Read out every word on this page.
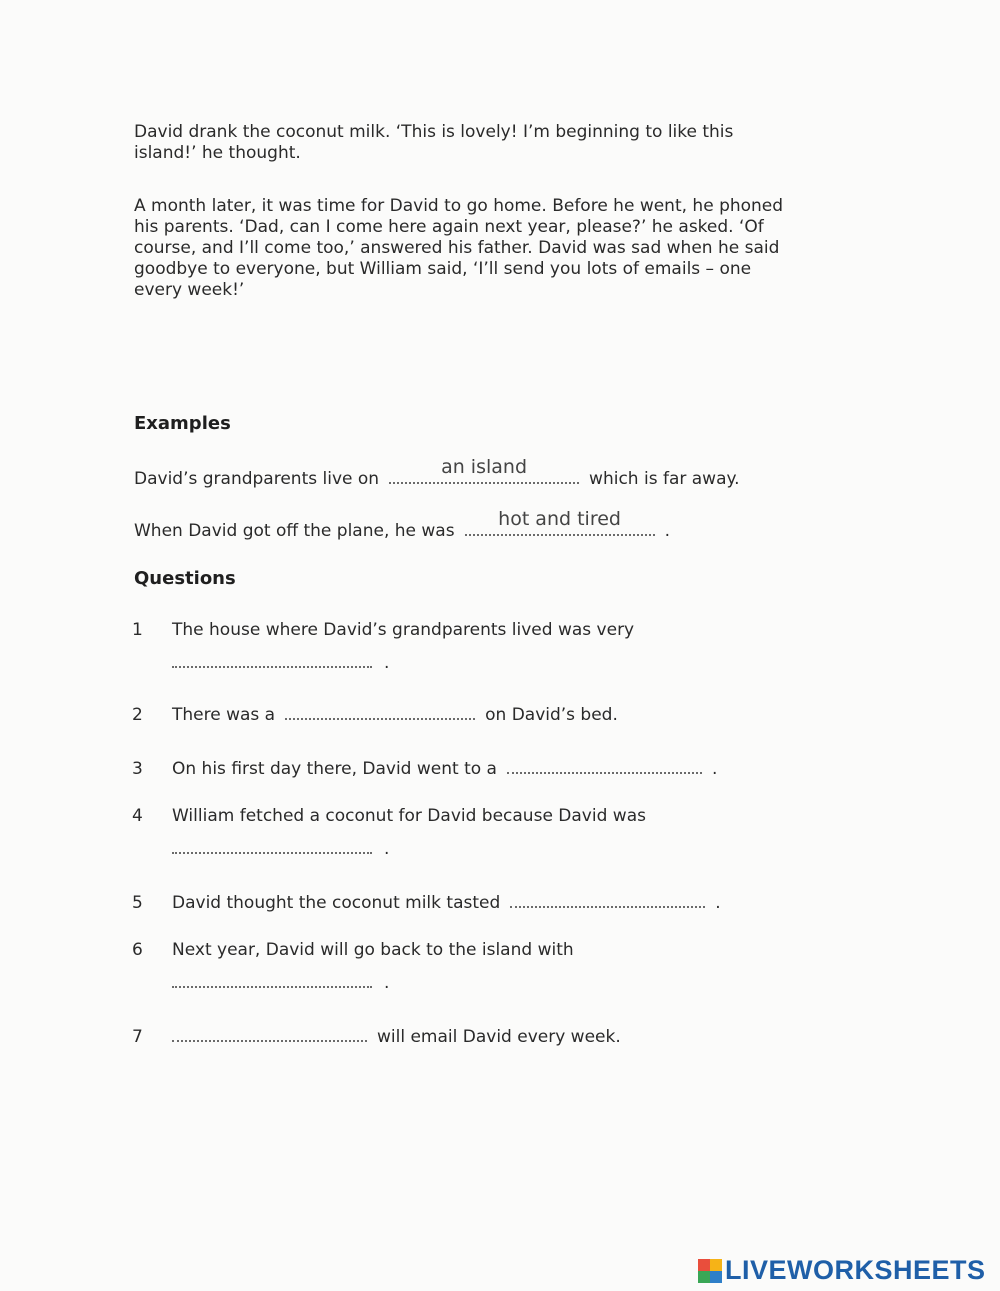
David drank the coconut milk. ‘This is lovely! I’m beginning to like this island!’ he thought.

A month later, it was time for David to go home. Before he went, he phoned his parents. ‘Dad, can I come here again next year, please?’ he asked. ‘Of course, and I’ll come too,’ answered his father. David was sad when he said goodbye to everyone, but William said, ‘I’ll send you lots of emails – one every week!’

Examples
David’s grandparents live on
an island
which is far away.
When David got off the plane, he was
hot and tired
.
Questions
1	The house where David’s grandparents lived was very
.
2	There was a	on David’s bed.
3	On his first day there, David went to a	.
4	William fetched a coconut for David because David was
.
5	David thought the coconut milk tasted	.
6	Next year, David will go back to the island with
.
7	will email David every week.
LIVEWORKSHEETS
